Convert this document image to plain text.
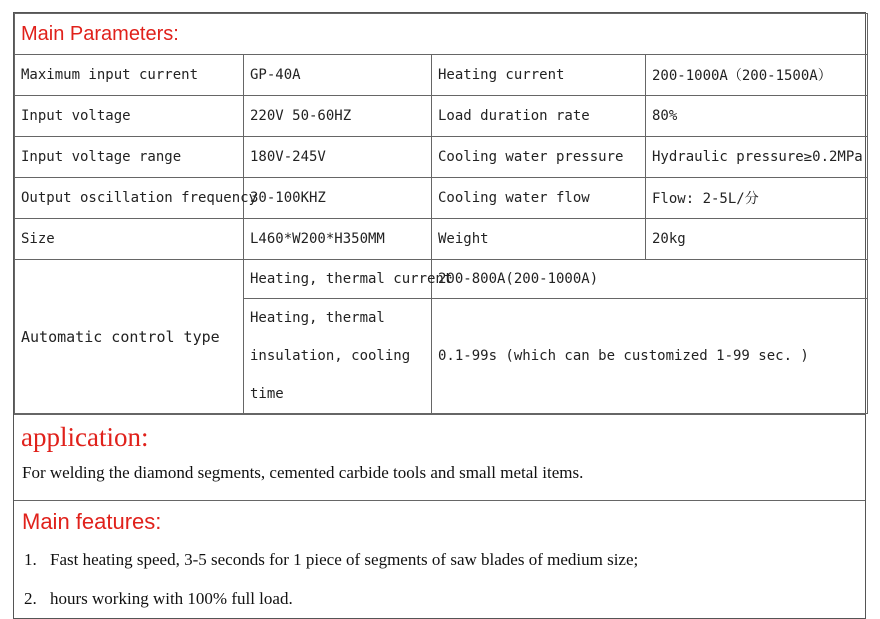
Main Parameters:			
Maximum input current	GP-40A	Heating current	200-1000A（200-1500A）
Input voltage	220V 50-60HZ	Load duration rate	80%
Input voltage range	180V-245V	Cooling water pressure	Hydraulic pressure≥0.2MPa
Output oscillation frequency	30-100KHZ	Cooling water flow	Flow: 2-5L/分
Size	L460*W200*H350MM	Weight	20kg
Automatic control type	Heating, thermal current	200-800A(200-1000A)	
	Heating, thermal insulation, cooling time	0.1-99s (which can be customized 1-99 sec. )	
application:
For welding the diamond segments, cemented carbide tools and small metal items.
Main features:
1. Fast heating speed, 3-5 seconds for 1 piece of segments of saw blades of medium size;
2. hours working with 100% full load.
